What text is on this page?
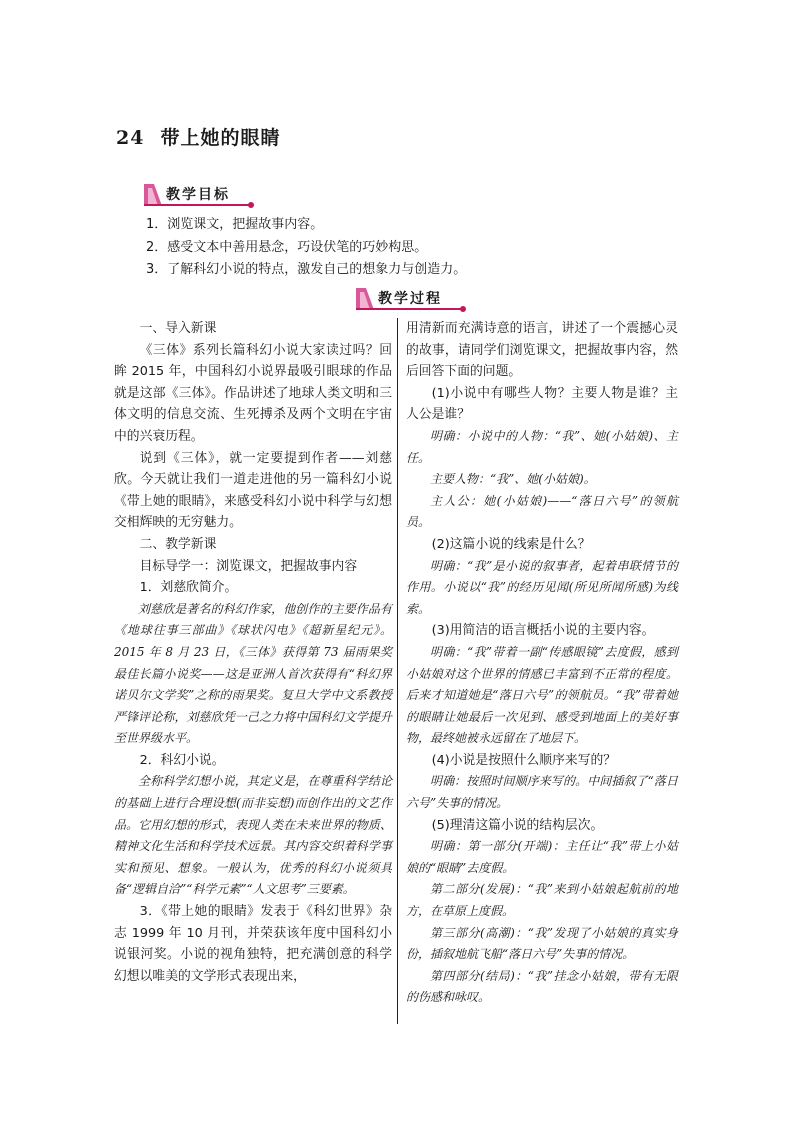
24 带上她的眼睛
教学目标
1．浏览课文，把握故事内容。
2．感受文本中善用悬念，巧设伏笔的巧妙构思。
3．了解科幻小说的特点，激发自己的想象力与创造力。
教学过程

一、导入新课

《三体》系列长篇科幻小说大家读过吗？回眸 2015 年，中国科幻小说界最吸引眼球的作品就是这部《三体》。作品讲述了地球人类文明和三体文明的信息交流、生死搏杀及两个文明在宇宙中的兴衰历程。

说到《三体》，就一定要提到作者——刘慈欣。今天就让我们一道走进他的另一篇科幻小说《带上她的眼睛》，来感受科幻小说中科学与幻想交相辉映的无穷魅力。

二、教学新课

目标导学一：浏览课文，把握故事内容

1．刘慈欣简介。

刘慈欣是著名的科幻作家，他创作的主要作品有《地球往事三部曲》《球状闪电》《超新星纪元》。2015 年 8 月 23 日，《三体》获得第 73 届雨果奖最佳长篇小说奖——这是亚洲人首次获得有“科幻界诺贝尔文学奖”之称的雨果奖。复旦大学中文系教授严锋评论称，刘慈欣凭一己之力将中国科幻文学提升至世界级水平。

2．科幻小说。

全称科学幻想小说，其定义是，在尊重科学结论的基础上进行合理设想(而非妄想)而创作出的文艺作品。它用幻想的形式，表现人类在未来世界的物质、精神文化生活和科学技术远景。其内容交织着科学事实和预见、想象。一般认为，优秀的科幻小说须具备“逻辑自洽”“科学元素”“人文思考”三要素。

3．《带上她的眼睛》发表于《科幻世界》杂志 1999 年 10 月刊，并荣获该年度中国科幻小说银河奖。小说的视角独特，把充满创意的科学幻想以唯美的文学形式表现出来，

用清新而充满诗意的语言，讲述了一个震撼心灵的故事，请同学们浏览课文，把握故事内容，然后回答下面的问题。

(1)小说中有哪些人物？主要人物是谁？主人公是谁？

明确：小说中的人物：“我”、她(小姑娘)、主任。

主要人物：“我”、她(小姑娘)。

主人公：她(小姑娘)——“落日六号”的领航员。

(2)这篇小说的线索是什么？

明确：“我”是小说的叙事者，起着串联情节的作用。小说以“我”的经历见闻(所见所闻所感)为线索。

(3)用简洁的语言概括小说的主要内容。

明确：“我”带着一副“传感眼镜”去度假，感到小姑娘对这个世界的情感已丰富到不正常的程度。后来才知道她是“落日六号”的领航员。“我”带着她的眼睛让她最后一次见到、感受到地面上的美好事物，最终她被永远留在了地层下。

(4)小说是按照什么顺序来写的？

明确：按照时间顺序来写的。中间插叙了“落日六号”失事的情况。

(5)理清这篇小说的结构层次。

明确：第一部分(开端)：主任让“我”带上小姑娘的“眼睛”去度假。

第二部分(发展)：“我”来到小姑娘起航前的地方，在草原上度假。

第三部分(高潮)：“我”发现了小姑娘的真实身份，插叙地航飞船“落日六号”失事的情况。

第四部分(结局)：“我”挂念小姑娘，带有无限的伤感和咏叹。
